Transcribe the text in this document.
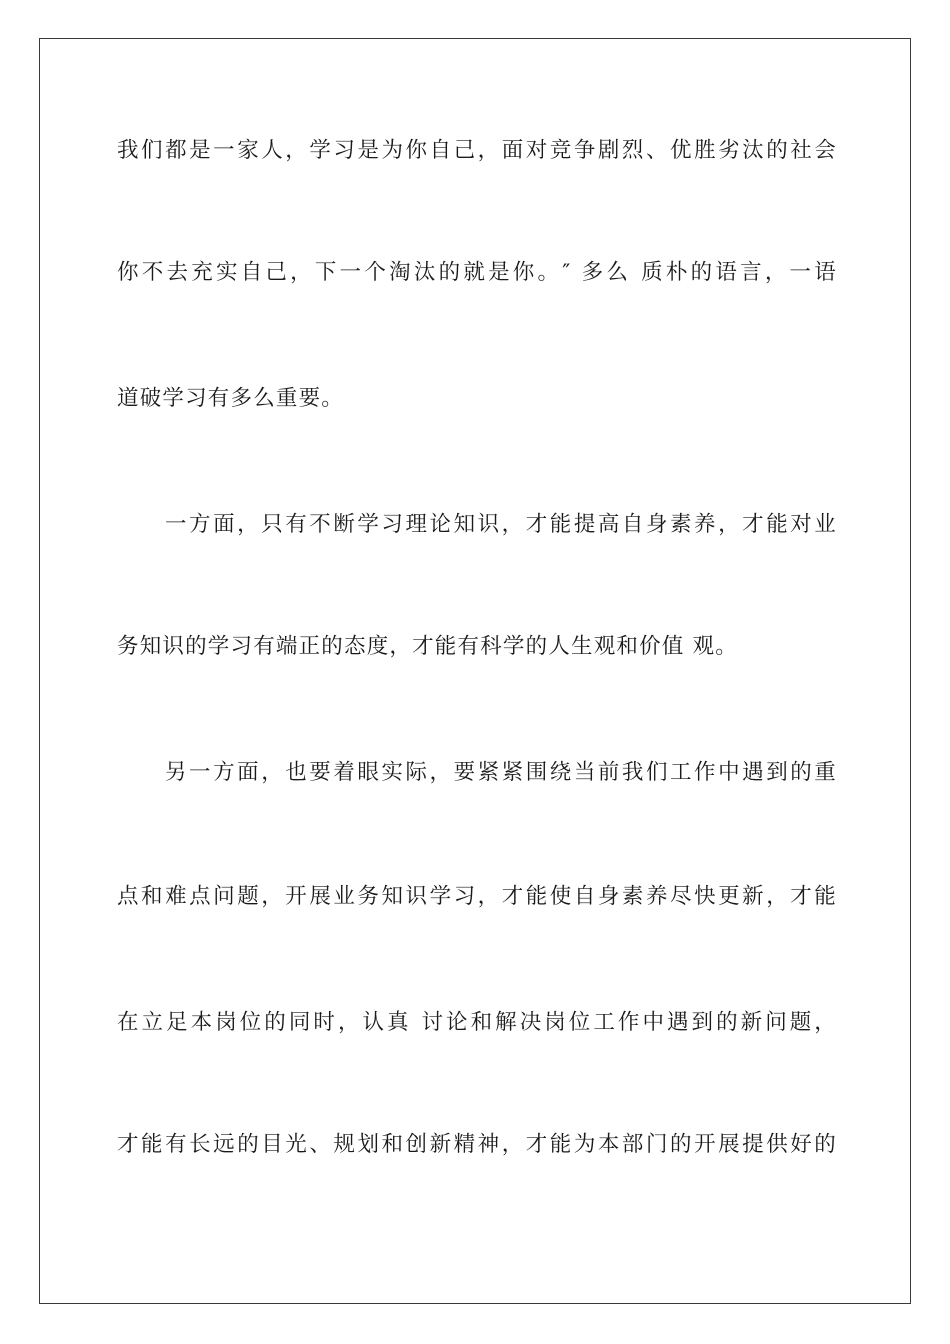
我们都是一家人，学习是为你自己，面对竞争剧烈、优胜劣汰的社会
你不去充实自己，下一个淘汰的就是你。″ 多么 质朴的语言，一语
道破学习有多么重要。
一方面，只有不断学习理论知识，才能提高自身素养，才能对业
务知识的学习有端正的态度，才能有科学的人生观和价值 观。
另一方面，也要着眼实际，要紧紧围绕当前我们工作中遇到的重
点和难点问题，开展业务知识学习，才能使自身素养尽快更新，才能
在立足本岗位的同时，认真 讨论和解决岗位工作中遇到的新问题，
才能有长远的目光、规划和创新精神，才能为本部门的开展提供好的
